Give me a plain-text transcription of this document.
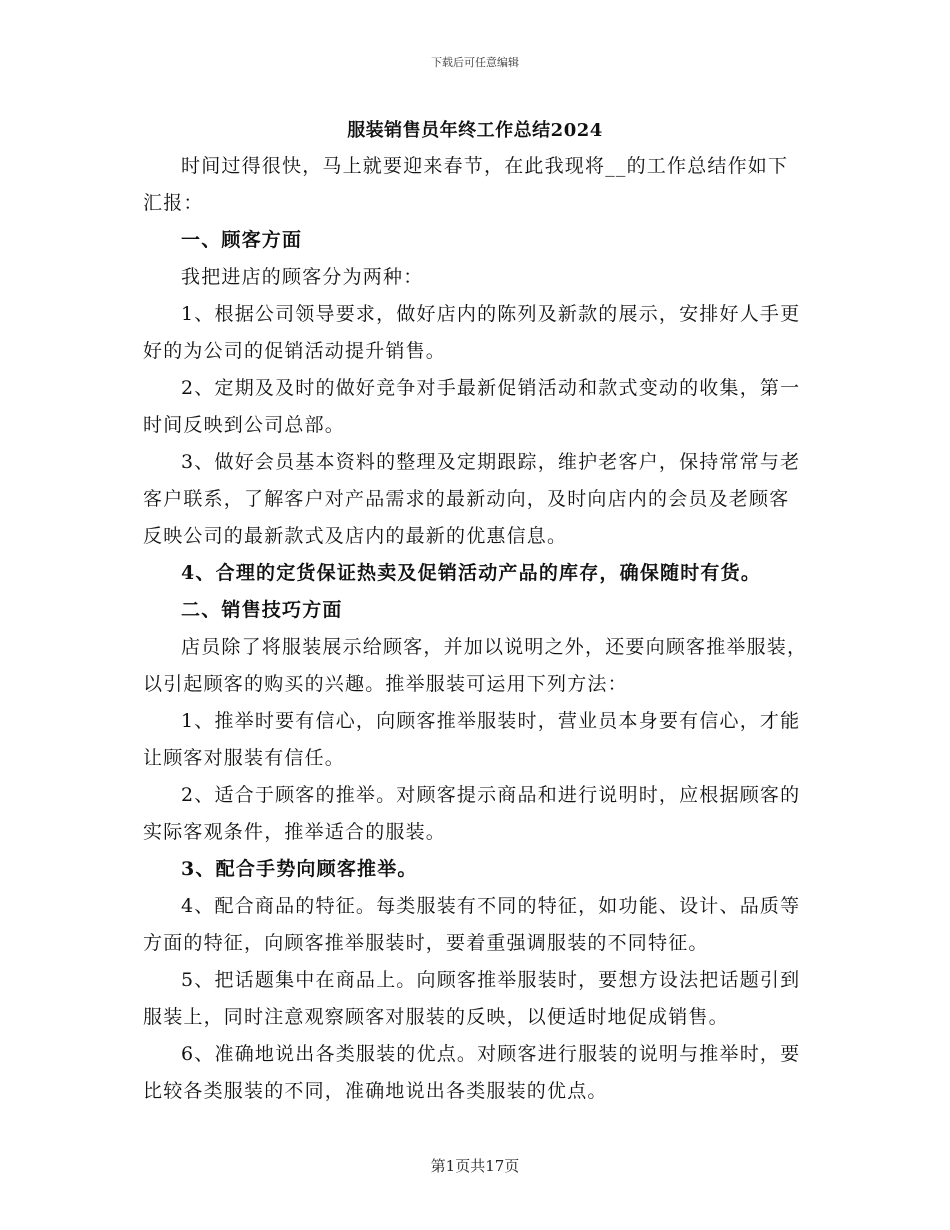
下载后可任意编辑
服装销售员年终工作总结2024

时间过得很快，马上就要迎来春节，在此我现将__的工作总结作如下汇报：

一、顾客方面

我把进店的顾客分为两种：

1、根据公司领导要求，做好店内的陈列及新款的展示，安排好人手更好的为公司的促销活动提升销售。

2、定期及及时的做好竞争对手最新促销活动和款式变动的收集，第一时间反映到公司总部。

3、做好会员基本资料的整理及定期跟踪，维护老客户，保持常常与老客户联系，了解客户对产品需求的最新动向，及时向店内的会员及老顾客反映公司的最新款式及店内的最新的优惠信息。

4、合理的定货保证热卖及促销活动产品的库存，确保随时有货。

二、销售技巧方面

店员除了将服装展示给顾客，并加以说明之外，还要向顾客推举服装，以引起顾客的购买的兴趣。推举服装可运用下列方法：

1、推举时要有信心，向顾客推举服装时，营业员本身要有信心，才能让顾客对服装有信任。

2、适合于顾客的推举。对顾客提示商品和进行说明时，应根据顾客的实际客观条件，推举适合的服装。

3、配合手势向顾客推举。

4、配合商品的特征。每类服装有不同的特征，如功能、设计、品质等方面的特征，向顾客推举服装时，要着重强调服装的不同特征。

5、把话题集中在商品上。向顾客推举服装时，要想方设法把话题引到服装上，同时注意观察顾客对服装的反映，以便适时地促成销售。

6、准确地说出各类服装的优点。对顾客进行服装的说明与推举时，要比较各类服装的不同，准确地说出各类服装的优点。

第1页共17页
